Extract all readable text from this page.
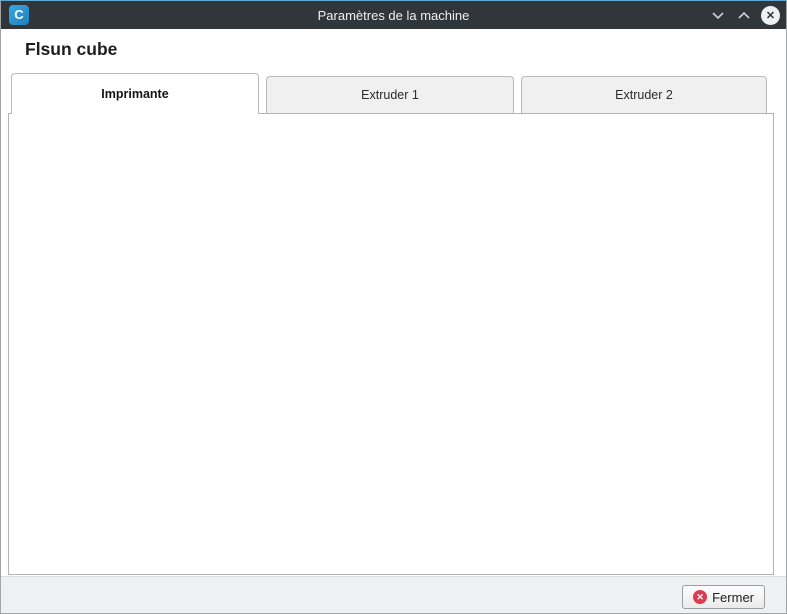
C	Paramètres de la machine	✕
Flsun cube
Imprimante	Extruder 1	Extruder 2
260
260
330
-20
-10
10
10
330
✕ Fermer
